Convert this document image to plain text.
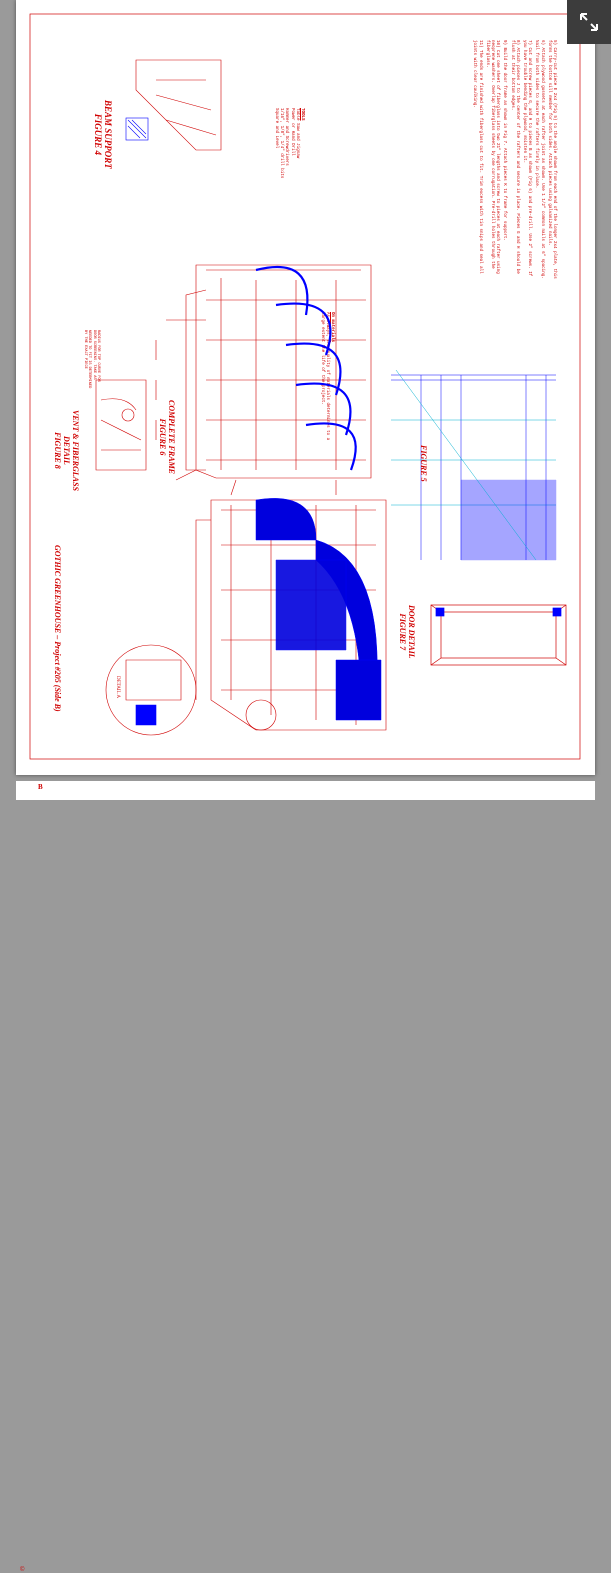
5) Carry-cut piece E 2x4 (Fig 5) to the angle shown from each end of the longer 2x4 plate, this forms the bottom sill member for both sides. Attach pieces using galvanized nails.

6) Attach plywood gussets at each rafter joint as shown. Use 1 1/2" common nails at 6" spacing. Nail from both sides to secure the rafters firmly in place.

7) Cut and screw pieces G, and H to pieces B as shown (Fig 6) and pre-drill. Use 2" screws. If you have trouble bending the plywood, moisten it.

8) Attach pieces J to the center of the rafters and secure in place. Pieces G and H should be flush at their bottom edges.

9) Build the door frame as shown in Fig 7. Attach pieces K to frame for support.

10) Cut one sheet of fiberglass into two 21" lengths and screw to pieces at each rafter using neoprene washers. Overlap fiberglass sheets by one corrugation. Pre-drill holes through the fiberglass.

11) The ends are finished with fiberglass cut to fit. Trim excess with tin snips and seal all joints with clear caulking.

TOOLS
Table Saw and Jigsaw
Power or Hand Drill
Hammer and Screwdrivers
1/16", 1/8", 1/4" drill bits
Square and Level
On materials
As always, the quality of materials determines to a large extent the life of the project.
BEAM SUPPORT
FIGURE 4
COMPLETE FRAME
FIGURE 6
FIGURE 5
VENT & FIBERGLASS
DETAIL
FIGURE 8
DOOR DETAIL
FIGURE 7
GOTHIC GREENHOUSE – Project #205 (Side B)	DETAIL A
RADIUS FOR TOP CURVE FOR DOOR SCREENING. TAKE AS NEEDED TO FIT IS DETERMINED BY THE EXACT PIECE
©
B
